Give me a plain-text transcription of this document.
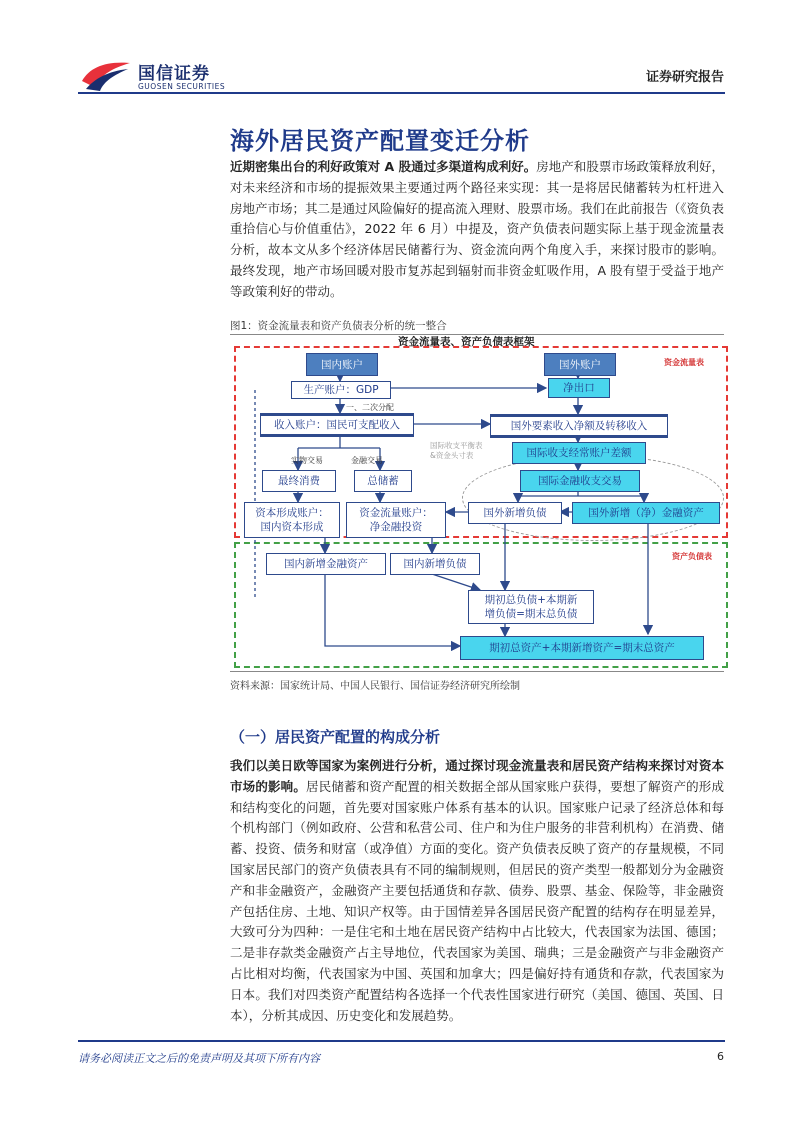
国信证券
GUOSEN SECURITIES
证券研究报告
海外居民资产配置变迁分析
近期密集出台的利好政策对 A 股通过多渠道构成利好。房地产和股票市场政策释放利好，对未来经济和市场的提振效果主要通过两个路径来实现：其一是将居民储蓄转为杠杆进入房地产市场；其二是通过风险偏好的提高流入理财、股票市场。我们在此前报告（《资负表重拾信心与价值重估》，2022 年 6 月）中提及，资产负债表问题实际上基于现金流量表分析，故本文从多个经济体居民储蓄行为、资金流向两个角度入手，来探讨股市的影响。最终发现，地产市场回暖对股市复苏起到辐射而非资金虹吸作用，A 股有望于受益于地产等政策利好的带动。
图1：资金流量表和资产负债表分析的统一整合
资金流量表、资产负债表框架
资金流量表
资产负债表
国际收支平衡表
&资金头寸表
一、二次分配
实物交易	金融交易
国内账户	国外账户
生产账户：GDP	净出口
收入账户：国民可支配收入	国外要素收入净额及转移收入
国际收支经常账户差额
最终消费	总储蓄	国际金融收支交易
资本形成账户：
国内资本形成
资金流量账户：
净金融投资
国外新增负债	国外新增（净）金融资产
国内新增金融资产	国内新增负债
期初总负债+本期新
增负债=期末总负债
期初总资产+本期新增资产=期末总资产
资料来源：国家统计局、中国人民银行、国信证券经济研究所绘制
（一）居民资产配置的构成分析
我们以美日欧等国家为案例进行分析，通过探讨现金流量表和居民资产结构来探讨对资本市场的影响。居民储蓄和资产配置的相关数据全部从国家账户获得，要想了解资产的形成和结构变化的问题，首先要对国家账户体系有基本的认识。国家账户记录了经济总体和每个机构部门（例如政府、公营和私营公司、住户和为住户服务的非营利机构）在消费、储蓄、投资、债务和财富（或净值）方面的变化。资产负债表反映了资产的存量规模，不同国家居民部门的资产负债表具有不同的编制规则，但居民的资产类型一般都划分为金融资产和非金融资产，金融资产主要包括通货和存款、债券、股票、基金、保险等，非金融资产包括住房、土地、知识产权等。由于国情差异各国居民资产配置的结构存在明显差异，大致可分为四种：一是住宅和土地在居民资产结构中占比较大，代表国家为法国、德国；二是非存款类金融资产占主导地位，代表国家为美国、瑞典；三是金融资产与非金融资产占比相对均衡，代表国家为中国、英国和加拿大；四是偏好持有通货和存款，代表国家为日本。我们对四类资产配置结构各选择一个代表性国家进行研究（美国、德国、英国、日本），分析其成因、历史变化和发展趋势。
请务必阅读正文之后的免责声明及其项下所有内容	6
